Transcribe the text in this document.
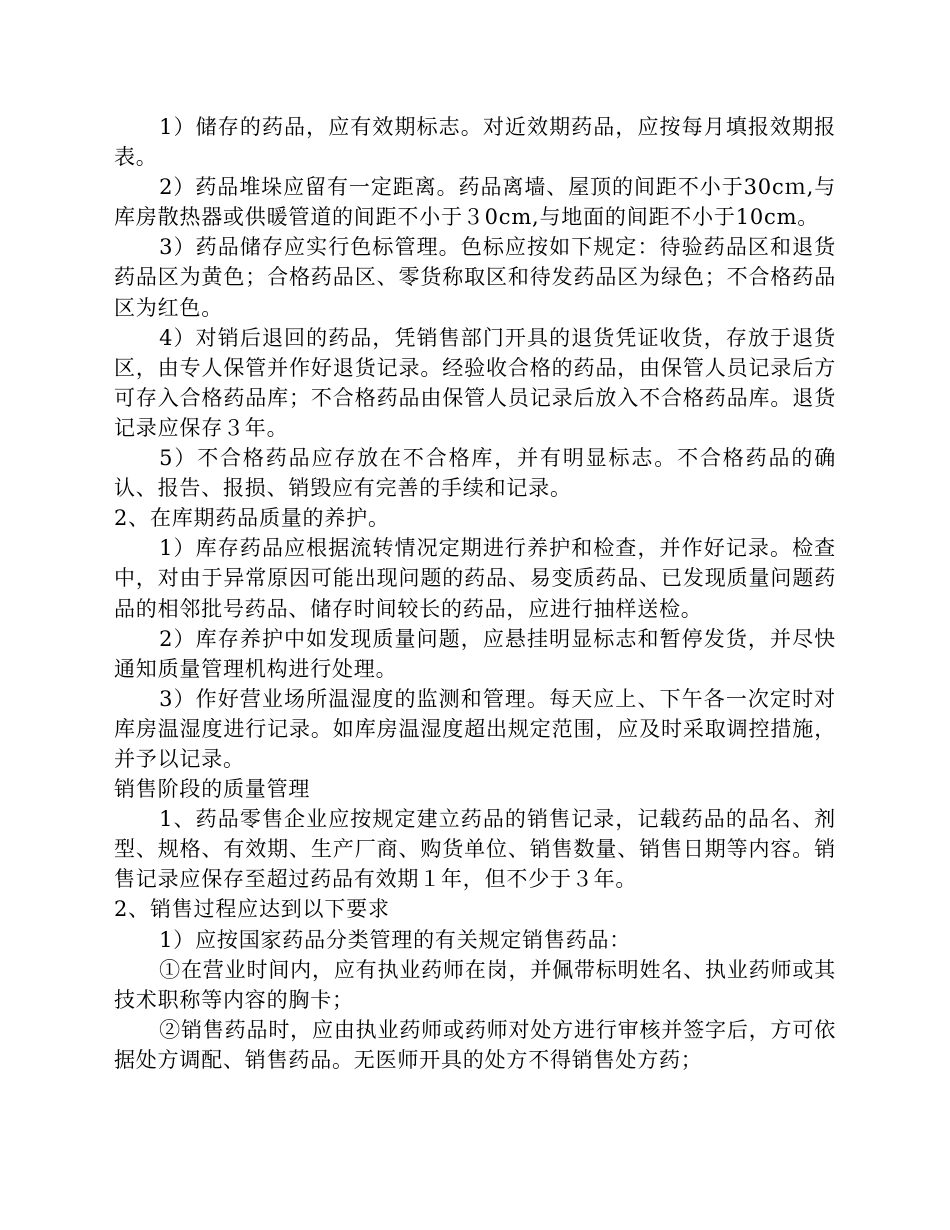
1）储存的药品，应有效期标志。对近效期药品，应按每月填报效期报表。

2）药品堆垛应留有一定距离。药品离墙、屋顶的间距不小于30cｍ,与库房散热器或供暖管道的间距不小于３0cm,与地面的间距不小于10cm。

3）药品储存应实行色标管理。色标应按如下规定：待验药品区和退货药品区为黄色；合格药品区、零货称取区和待发药品区为绿色；不合格药品区为红色。

4）对销后退回的药品，凭销售部门开具的退货凭证收货，存放于退货区，由专人保管并作好退货记录。经验收合格的药品，由保管人员记录后方可存入合格药品库；不合格药品由保管人员记录后放入不合格药品库。退货记录应保存３年。

5）不合格药品应存放在不合格库，并有明显标志。不合格药品的确认、报告、报损、销毁应有完善的手续和记录。

2、在库期药品质量的养护。

1）库存药品应根据流转情况定期进行养护和检查，并作好记录。检查中，对由于异常原因可能出现问题的药品、易变质药品、已发现质量问题药品的相邻批号药品、储存时间较长的药品，应进行抽样送检。

2）库存养护中如发现质量问题，应悬挂明显标志和暂停发货，并尽快通知质量管理机构进行处理。

3）作好营业场所温湿度的监测和管理。每天应上、下午各一次定时对库房温湿度进行记录。如库房温湿度超出规定范围，应及时采取调控措施，并予以记录。

销售阶段的质量管理

1、药品零售企业应按规定建立药品的销售记录，记载药品的品名、剂型、规格、有效期、生产厂商、购货单位、销售数量、销售日期等内容。销售记录应保存至超过药品有效期１年，但不少于３年。

2、销售过程应达到以下要求

1）应按国家药品分类管理的有关规定销售药品：

①在营业时间内，应有执业药师在岗，并佩带标明姓名、执业药师或其技术职称等内容的胸卡；

②销售药品时，应由执业药师或药师对处方进行审核并签字后，方可依据处方调配、销售药品。无医师开具的处方不得销售处方药；
